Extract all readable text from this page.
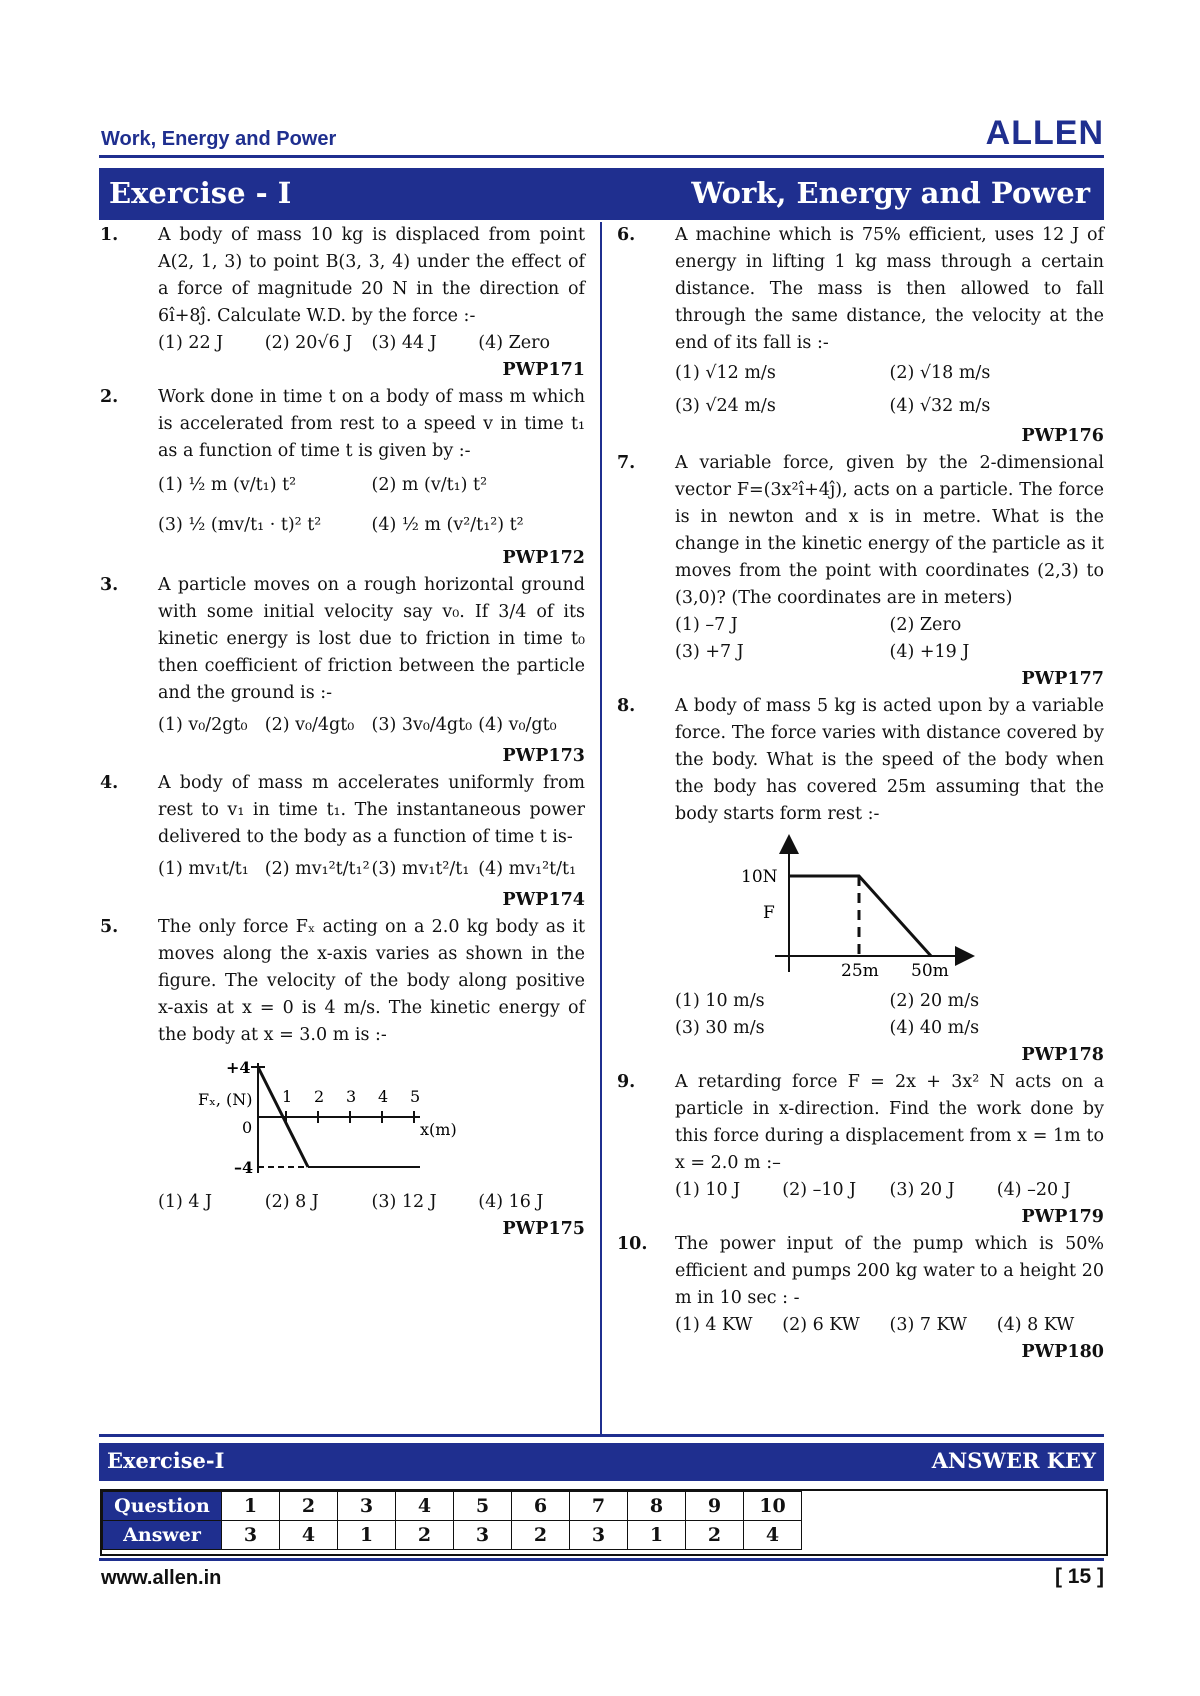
Work, Energy and Power	ALLEN
Exercise - I	Work, Energy and Power
1. A body of mass 10 kg is displaced from point A(2, 1, 3) to point B(3, 3, 4) under the effect of a force of magnitude 20 N in the direction of 6î+8ĵ. Calculate W.D. by the force :-
(1) 22 J	(2) 20√6 J	(3) 44 J	(4) Zero
PWP171
2. Work done in time t on a body of mass m which is accelerated from rest to a speed v in time t₁ as a function of time t is given by :-
(1) ½ m (v/t₁) t²	(2) m (v/t₁) t²
(3) ½ (mv/t₁ · t)² t²	(4) ½ m (v²/t₁²) t²
PWP172
3. A particle moves on a rough horizontal ground with some initial velocity say v₀. If 3/4 of its kinetic energy is lost due to friction in time t₀ then coefficient of friction between the particle and the ground is :-
(1) v₀/2gt₀ (2) v₀/4gt₀ (3) 3v₀/4gt₀ (4) v₀/gt₀
PWP173
4. A body of mass m accelerates uniformly from rest to v₁ in time t₁. The instantaneous power delivered to the body as a function of time t is-
(1) mv₁t/t₁ (2) mv₁²t/t₁² (3) mv₁t²/t₁ (4) mv₁²t/t₁
PWP174
5. The only force Fₓ acting on a 2.0 kg body as it moves along the x-axis varies as shown in the figure. The velocity of the body along positive x-axis at x = 0 is 4 m/s. The kinetic energy of the body at x = 3.0 m is :-
+4
–4
Fₓ, (N)
0	x(m)
1 2 3 4 5
(1) 4 J	(2) 8 J	(3) 12 J	(4) 16 J
PWP175
6. A machine which is 75% efficient, uses 12 J of energy in lifting 1 kg mass through a certain distance. The mass is then allowed to fall through the same distance, the velocity at the end of its fall is :-
(1) √12 m/s	(2) √18 m/s
(3) √24 m/s	(4) √32 m/s
PWP176
7. A variable force, given by the 2-dimensional vector F=(3x²î+4ĵ), acts on a particle. The force is in newton and x is in metre. What is the change in the kinetic energy of the particle as it moves from the point with coordinates (2,3) to (3,0)? (The coordinates are in meters)
(1) –7 J	(2) Zero
(3) +7 J	(4) +19 J
PWP177
8. A body of mass 5 kg is acted upon by a variable force. The force varies with distance covered by the body. What is the speed of the body when the body has covered 25m assuming that the body starts form rest :-
10N
F
25m 50m
(1) 10 m/s	(2) 20 m/s
(3) 30 m/s	(4) 40 m/s
PWP178
9. A retarding force F = 2x + 3x² N acts on a particle in x-direction. Find the work done by this force during a displacement from x = 1m to x = 2.0 m :–
(1) 10 J	(2) –10 J	(3) 20 J	(4) –20 J
PWP179
10. The power input of the pump which is 50% efficient and pumps 200 kg water to a height 20 m in 10 sec : -
(1) 4 KW	(2) 6 KW	(3) 7 KW	(4) 8 KW
PWP180
Exercise-I	ANSWER KEY
Question	1	2	3	4	5	6	7	8	9	10
Answer	3	4	1	2	3	2	3	1	2	4
www.allen.in	[ 15 ]
